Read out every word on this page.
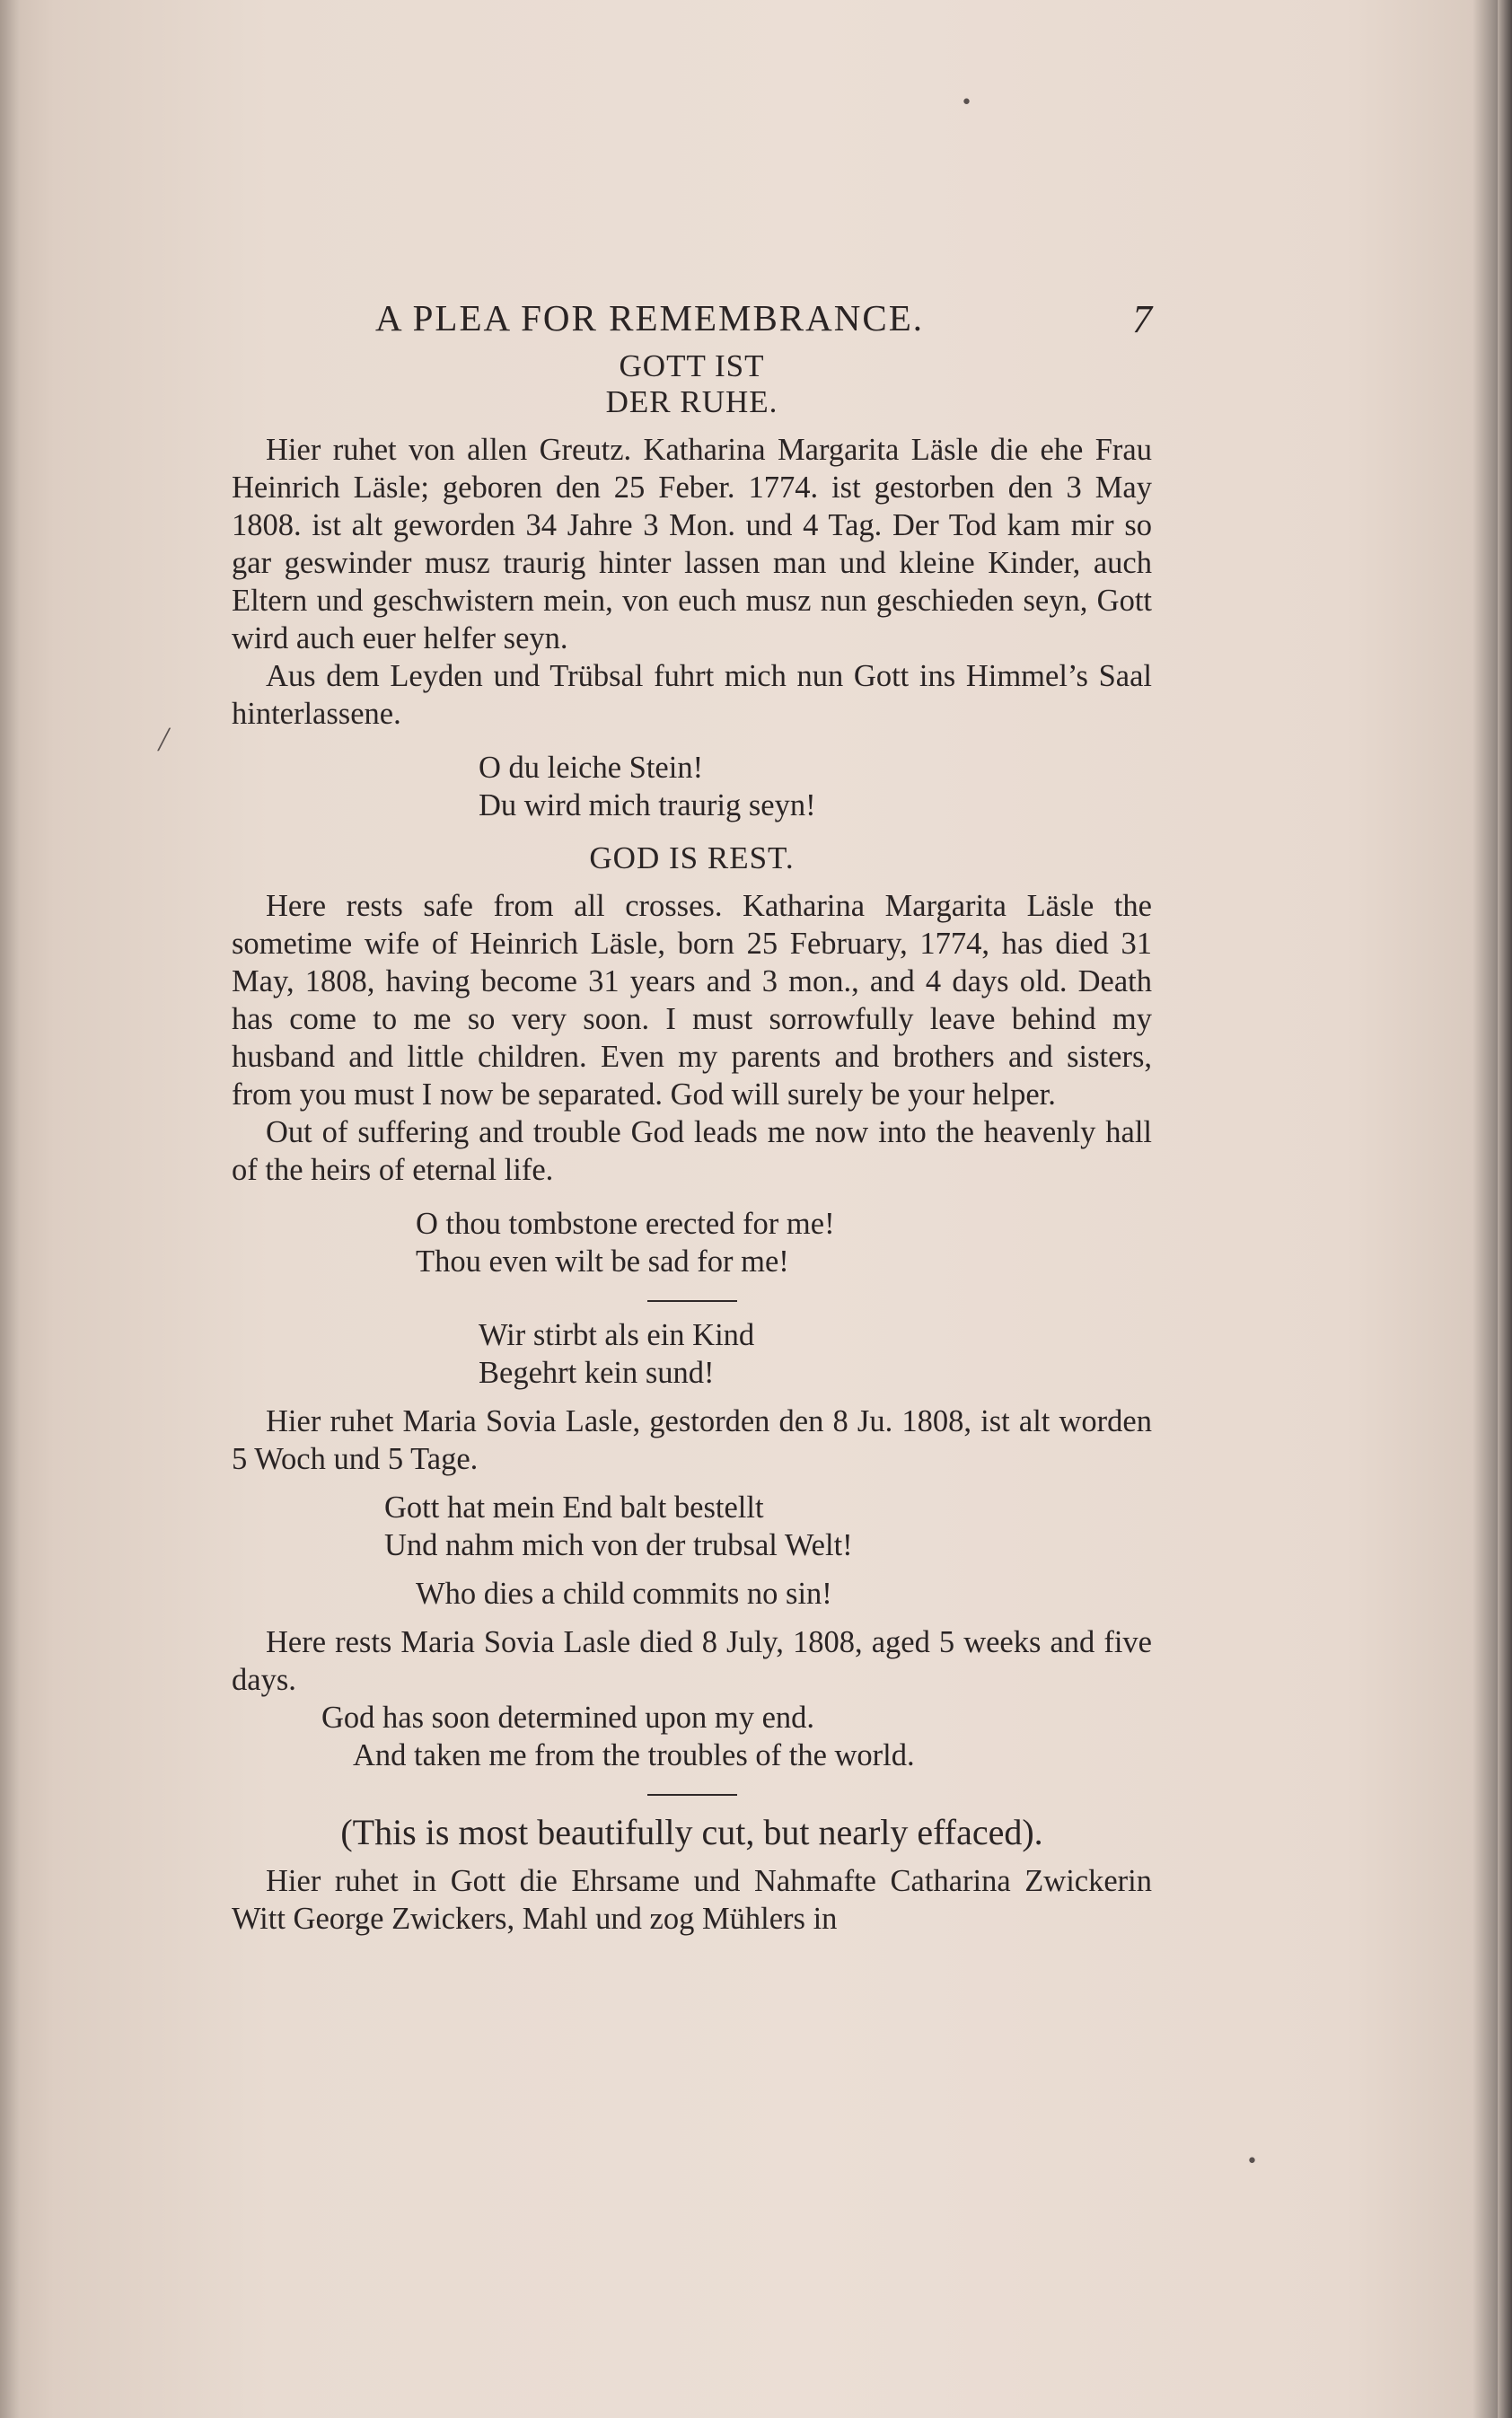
•
╱
•
A PLEA FOR REMEMBRANCE.	7
GOTT IST
DER RUHE.

Hier ruhet von allen Greutz. Katharina Margarita Läsle die ehe Frau Heinrich Läsle; geboren den 25 Feber. 1774. ist gestorben den 3 May 1808. ist alt geworden 34 Jahre 3 Mon. und 4 Tag. Der Tod kam mir so gar geswinder musz traurig hinter lassen man und kleine Kinder, auch Eltern und geschwistern mein, von euch musz nun geschieden seyn, Gott wird auch euer helfer seyn.

Aus dem Leyden und Trübsal fuhrt mich nun Gott ins Himmel’s Saal hinterlassene.

O du leiche Stein!
Du wird mich traurig seyn!
GOD IS REST.

Here rests safe from all crosses. Katharina Margarita Läsle the sometime wife of Heinrich Läsle, born 25 February, 1774, has died 31 May, 1808, having become 31 years and 3 mon., and 4 days old. Death has come to me so very soon. I must sorrowfully leave behind my husband and little children. Even my parents and brothers and sisters, from you must I now be separated. God will surely be your helper.

Out of suffering and trouble God leads me now into the heavenly hall of the heirs of eternal life.

O thou tombstone erected for me!
Thou even wilt be sad for me!
Wir stirbt als ein Kind
Begehrt kein sund!

Hier ruhet Maria Sovia Lasle, gestorden den 8 Ju. 1808, ist alt worden 5 Woch und 5 Tage.

Gott hat mein End balt bestellt
Und nahm mich von der trubsal Welt!
Who dies a child commits no sin!

Here rests Maria Sovia Lasle died 8 July, 1808, aged 5 weeks and five days.

God has soon determined upon my end.
And taken me from the troubles of the world.
(This is most beautifully cut, but nearly effaced).

Hier ruhet in Gott die Ehrsame und Nahmafte Catharina Zwickerin Witt George Zwickers, Mahl und zog Mühlers in
